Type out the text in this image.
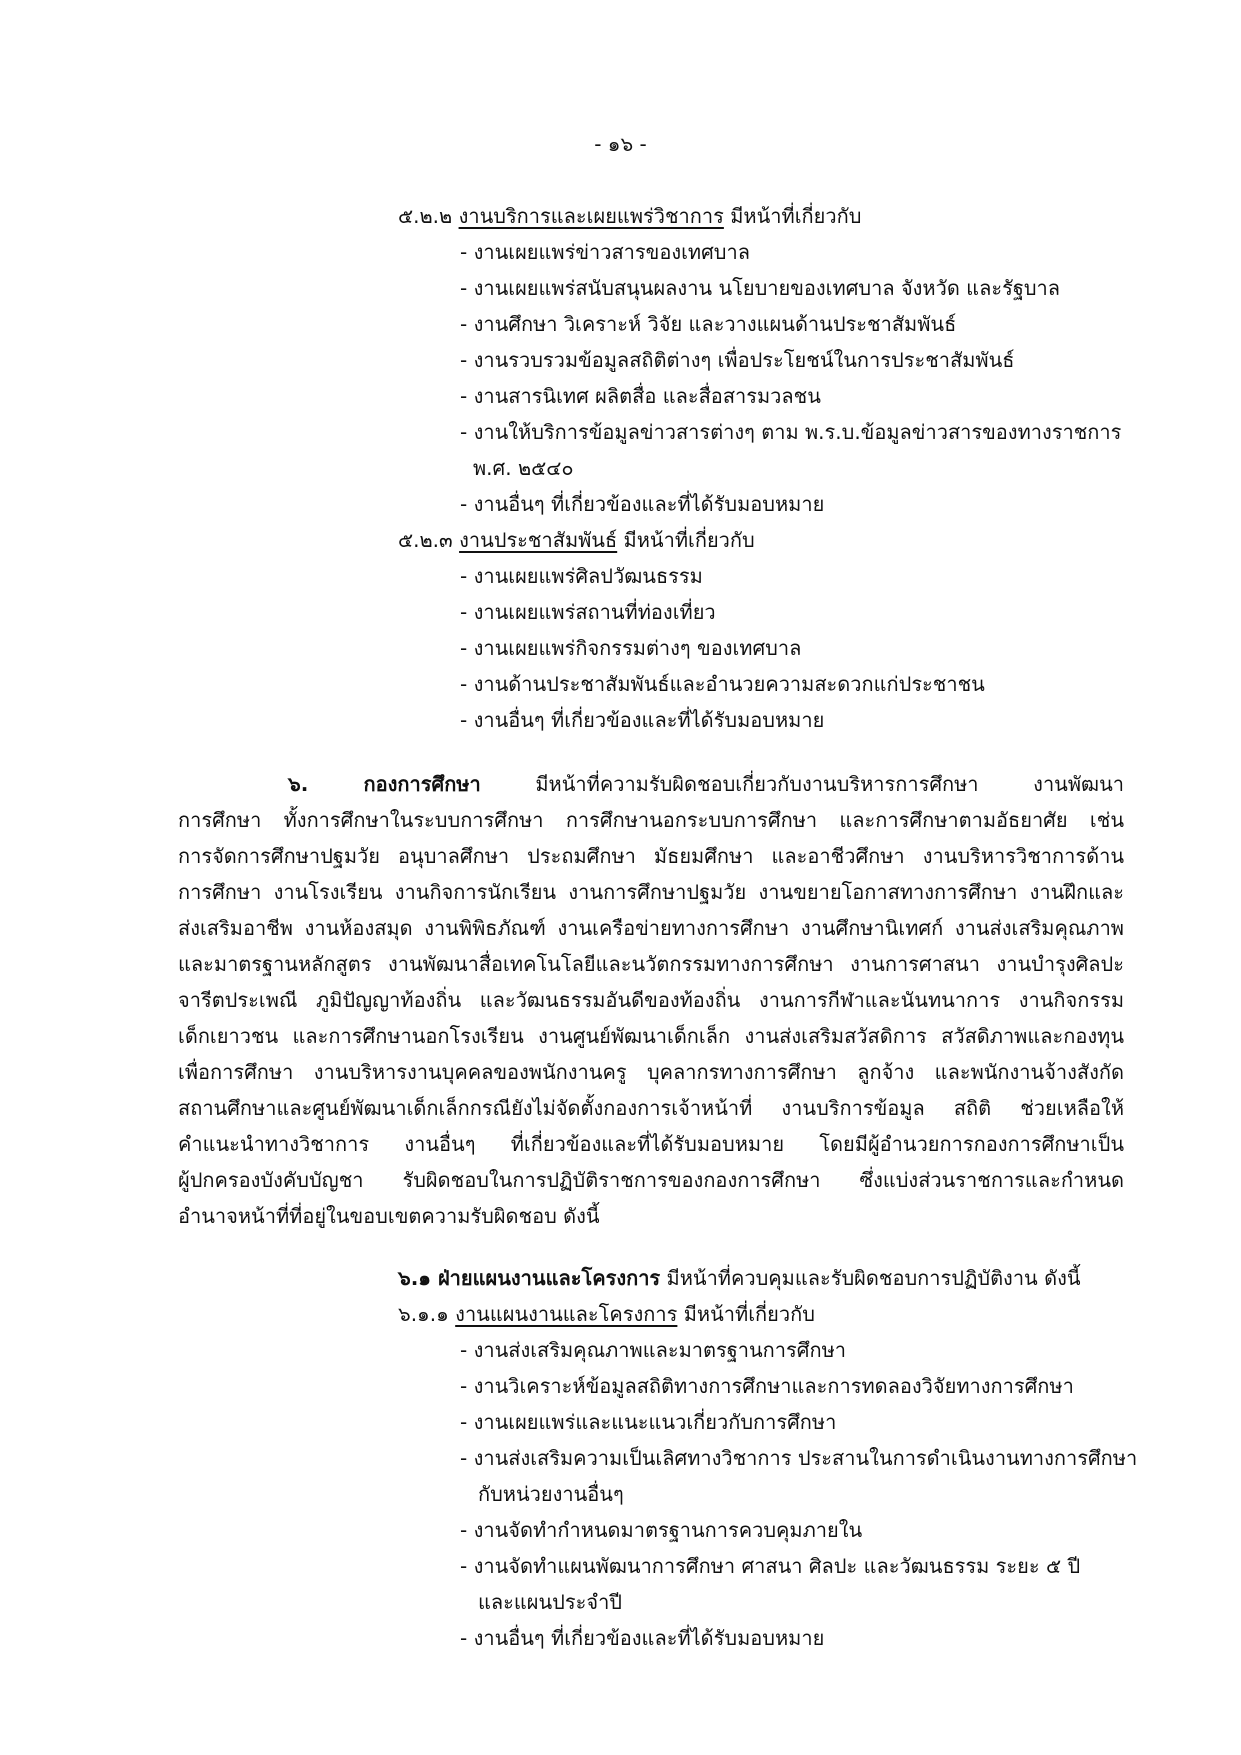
- ๑๖ -
๕.๒.๒ งานบริการและเผยแพร่วิชาการ มีหน้าที่เกี่ยวกับ
- งานเผยแพร่ข่าวสารของเทศบาล
- งานเผยแพร่สนับสนุนผลงาน นโยบายของเทศบาล จังหวัด และรัฐบาล
- งานศึกษา วิเคราะห์ วิจัย และวางแผนด้านประชาสัมพันธ์
- งานรวบรวมข้อมูลสถิติต่างๆ เพื่อประโยชน์ในการประชาสัมพันธ์
- งานสารนิเทศ ผลิตสื่อ และสื่อสารมวลชน
- งานให้บริการข้อมูลข่าวสารต่างๆ ตาม พ.ร.บ.ข้อมูลข่าวสารของทางราชการ
พ.ศ. ๒๕๔๐
- งานอื่นๆ ที่เกี่ยวข้องและที่ได้รับมอบหมาย
๕.๒.๓ งานประชาสัมพันธ์ มีหน้าที่เกี่ยวกับ
- งานเผยแพร่ศิลปวัฒนธรรม
- งานเผยแพร่สถานที่ท่องเที่ยว
- งานเผยแพร่กิจกรรมต่างๆ ของเทศบาล
- งานด้านประชาสัมพันธ์และอำนวยความสะดวกแก่ประชาชน
- งานอื่นๆ ที่เกี่ยวข้องและที่ได้รับมอบหมาย
๖. กองการศึกษา	มีหน้าที่ความรับผิดชอบเกี่ยวกับงานบริหารการศึกษา งานพัฒนา
การศึกษา ทั้งการศึกษาในระบบการศึกษา การศึกษานอกระบบการศึกษา และการศึกษาตามอัธยาศัย เช่น
การจัดการศึกษาปฐมวัย อนุบาลศึกษา ประถมศึกษา มัธยมศึกษา และอาชีวศึกษา งานบริหารวิชาการด้าน
การศึกษา งานโรงเรียน งานกิจการนักเรียน งานการศึกษาปฐมวัย งานขยายโอกาสทางการศึกษา งานฝึกและ
ส่งเสริมอาชีพ งานห้องสมุด งานพิพิธภัณฑ์ งานเครือข่ายทางการศึกษา งานศึกษานิเทศก์ งานส่งเสริมคุณภาพ
และมาตรฐานหลักสูตร งานพัฒนาสื่อเทคโนโลยีและนวัตกรรมทางการศึกษา งานการศาสนา งานบำรุงศิลปะ
จารีตประเพณี ภูมิปัญญาท้องถิ่น และวัฒนธรรมอันดีของท้องถิ่น งานการกีฬาและนันทนาการ งานกิจกรรม
เด็กเยาวชน และการศึกษานอกโรงเรียน งานศูนย์พัฒนาเด็กเล็ก งานส่งเสริมสวัสดิการ สวัสดิภาพและกองทุน
เพื่อการศึกษา งานบริหารงานบุคคลของพนักงานครู บุคลากรทางการศึกษา ลูกจ้าง และพนักงานจ้างสังกัด
สถานศึกษาและศูนย์พัฒนาเด็กเล็กกรณียังไม่จัดตั้งกองการเจ้าหน้าที่ งานบริการข้อมูล สถิติ ช่วยเหลือให้
คำแนะนำทางวิชาการ งานอื่นๆ ที่เกี่ยวข้องและที่ได้รับมอบหมาย โดยมีผู้อำนวยการกองการศึกษาเป็น
ผู้ปกครองบังคับบัญชา รับผิดชอบในการปฏิบัติราชการของกองการศึกษา ซึ่งแบ่งส่วนราชการและกำหนด
อำนาจหน้าที่ที่อยู่ในขอบเขตความรับผิดชอบ ดังนี้
๖.๑ ฝ่ายแผนงานและโครงการ มีหน้าที่ควบคุมและรับผิดชอบการปฏิบัติงาน ดังนี้
๖.๑.๑ งานแผนงานและโครงการ มีหน้าที่เกี่ยวกับ
- งานส่งเสริมคุณภาพและมาตรฐานการศึกษา
- งานวิเคราะห์ข้อมูลสถิติทางการศึกษาและการทดลองวิจัยทางการศึกษา
- งานเผยแพร่และแนะแนวเกี่ยวกับการศึกษา
- งานส่งเสริมความเป็นเลิศทางวิชาการ ประสานในการดำเนินงานทางการศึกษา
กับหน่วยงานอื่นๆ
- งานจัดทำกำหนดมาตรฐานการควบคุมภายใน
- งานจัดทำแผนพัฒนาการศึกษา ศาสนา ศิลปะ และวัฒนธรรม ระยะ ๕ ปี
และแผนประจำปี
- งานอื่นๆ ที่เกี่ยวข้องและที่ได้รับมอบหมาย
